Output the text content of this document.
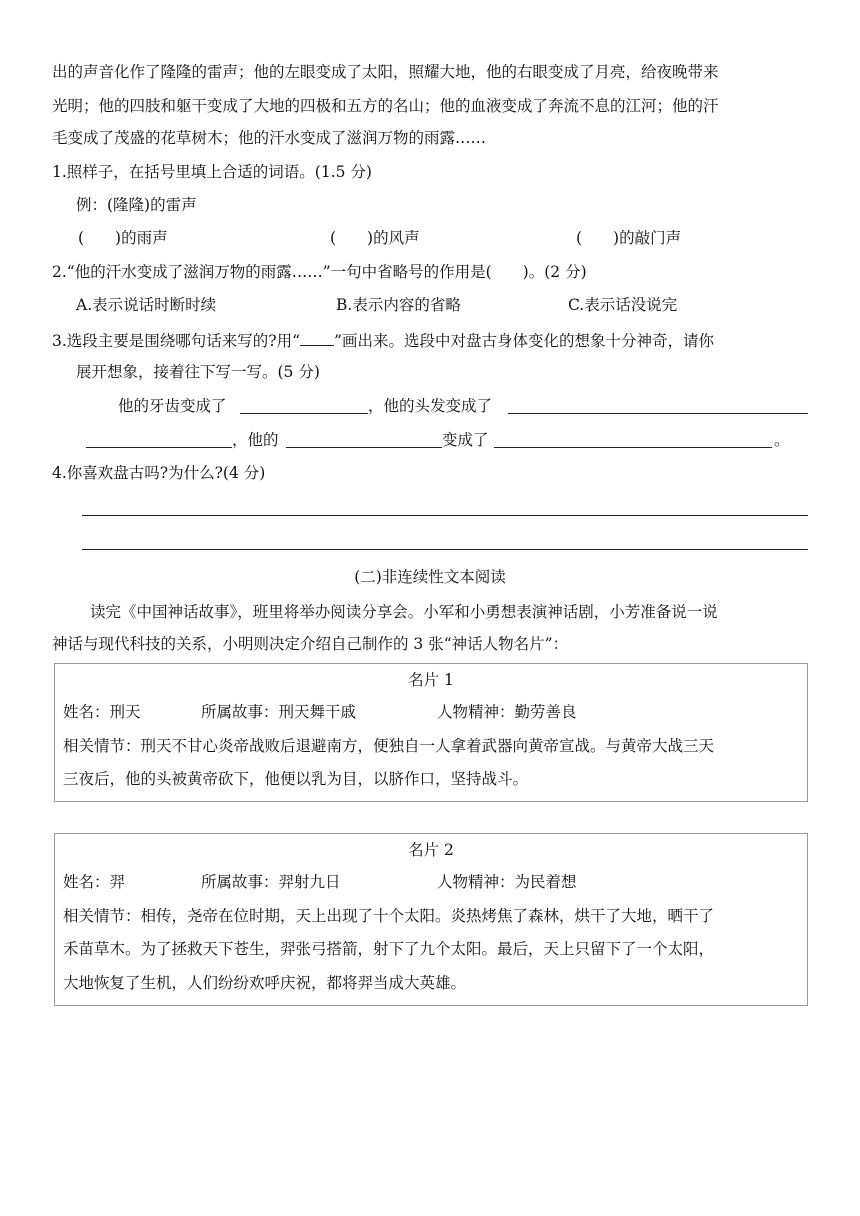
出的声音化作了隆隆的雷声；他的左眼变成了太阳，照耀大地，他的右眼变成了月亮，给夜晚带来
光明；他的四肢和躯干变成了大地的四极和五方的名山；他的血液变成了奔流不息的江河；他的汗
毛变成了茂盛的花草树木；他的汗水变成了滋润万物的雨露……
1.照样子，在括号里填上合适的词语。(1.5 分)
例：(隆隆)的雷声
(　　)的雨声	(　　)的风声	(　　)的敲门声
2.“他的汗水变成了滋润万物的雨露……”一句中省略号的作用是(　　)。(2 分)
A.表示说话时断时续	B.表示内容的省略	C.表示话没说完
3.选段主要是围绕哪句话来写的?用“ ”画出来。选段中对盘古身体变化的想象十分神奇，请你
展开想象，接着往下写一写。(5 分)
他的牙齿变成了	，他的头发变成了
，他的	变成了	。
4.你喜欢盘古吗?为什么?(4 分)
(二)非连续性文本阅读
读完《中国神话故事》，班里将举办阅读分享会。小军和小勇想表演神话剧，小芳准备说一说
神话与现代科技的关系，小明则决定介绍自己制作的 3 张“神话人物名片”：
名片 1
姓名：刑天	所属故事：刑天舞干戚	人物精神：勤劳善良
相关情节：刑天不甘心炎帝战败后退避南方，便独自一人拿着武器向黄帝宣战。与黄帝大战三天
三夜后，他的头被黄帝砍下，他便以乳为目，以脐作口，坚持战斗。
名片 2
姓名：羿	所属故事：羿射九日	人物精神：为民着想
相关情节：相传，尧帝在位时期，天上出现了十个太阳。炎热烤焦了森林，烘干了大地，晒干了
禾苗草木。为了拯救天下苍生，羿张弓搭箭，射下了九个太阳。最后，天上只留下了一个太阳，
大地恢复了生机，人们纷纷欢呼庆祝，都将羿当成大英雄。
